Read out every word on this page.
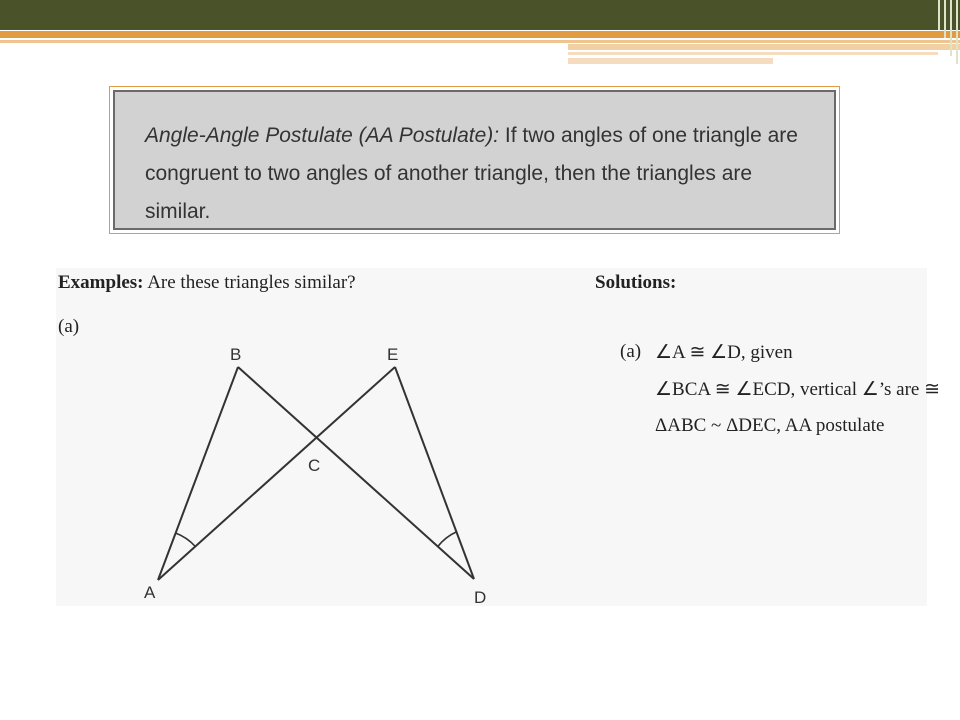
Angle-Angle Postulate (AA Postulate): If two angles of one triangle are congruent to two angles of another triangle, then the triangles are similar.
Examples: Are these triangles similar?
(a)
B	E
C
A	D
Solutions:
(a) ∠A ≅ ∠D, given
∠BCA ≅ ∠ECD, vertical ∠’s are ≅
ΔABC ~ ΔDEC, AA postulate
